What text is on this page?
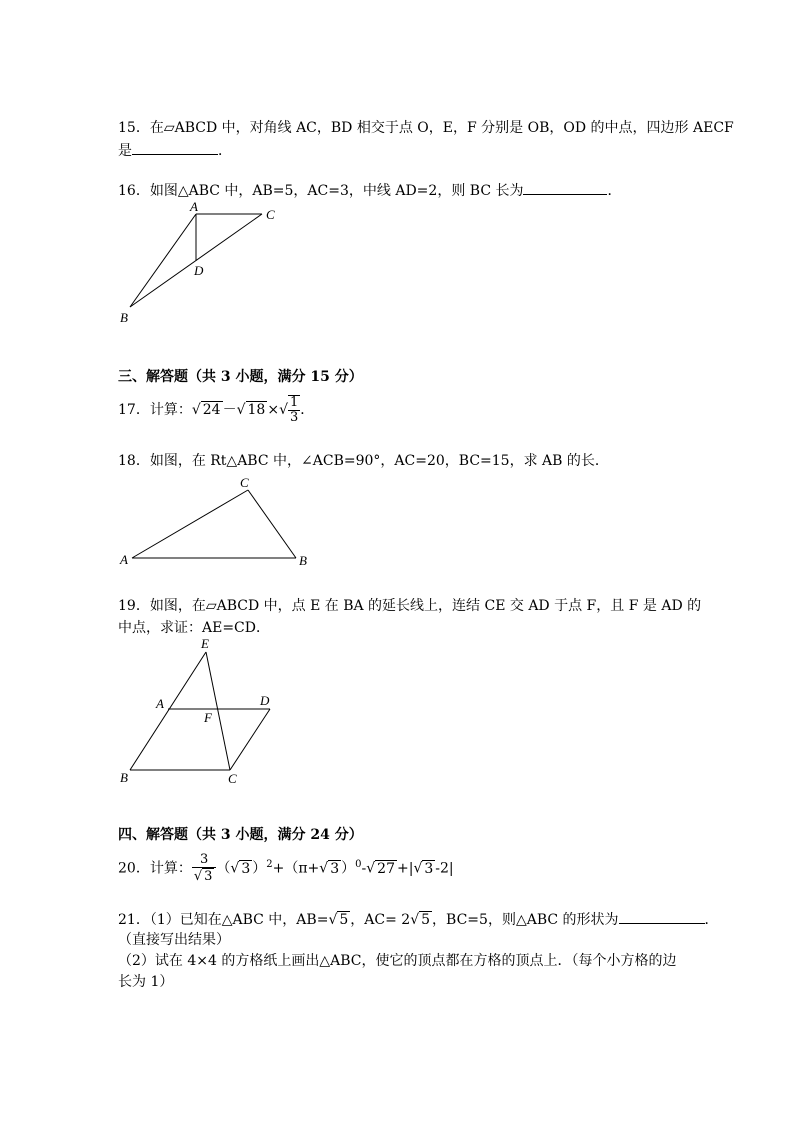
15．在▱ABCD 中，对角线 AC，BD 相交于点 O，E，F 分别是 OB，OD 的中点，四边形 AECF
是	．
16．如图△ABC 中，AB=5，AC=3，中线 AD=2，则 BC 长为	．
A
C
D
B
三、解答题（共 3 小题，满分 15 分）
17．计算：√ 24 －√ 18 ×√ $\frac{1}{3}$ ．
18．如图，在 Rt△ABC 中，∠ACB=90°，AC=20，BC=15，求 AB 的长．
C
A	B
19．如图，在▱ABCD 中，点 E 在 BA 的延长线上，连结 CE 交 AD 于点 F，且 F 是 AD 的
中点，求证：AE=CD．
E
A	D
F
B	C
四、解答题（共 3 小题，满分 24 分）
20．计算： $\frac{3}{√ 3}$ （√ 3 ）$^2$+（π+√ 3 ）$^0$-√ 27 +|√ 3 -2|
21．（1）已知在△ABC 中，AB=√ 5 ，AC= 2√ 5 ，BC=5，则△ABC 的形状为	．
（直接写出结果）
（2）试在 4×4 的方格纸上画出△ABC，使它的顶点都在方格的顶点上．（每个小方格的边
长为 1）
